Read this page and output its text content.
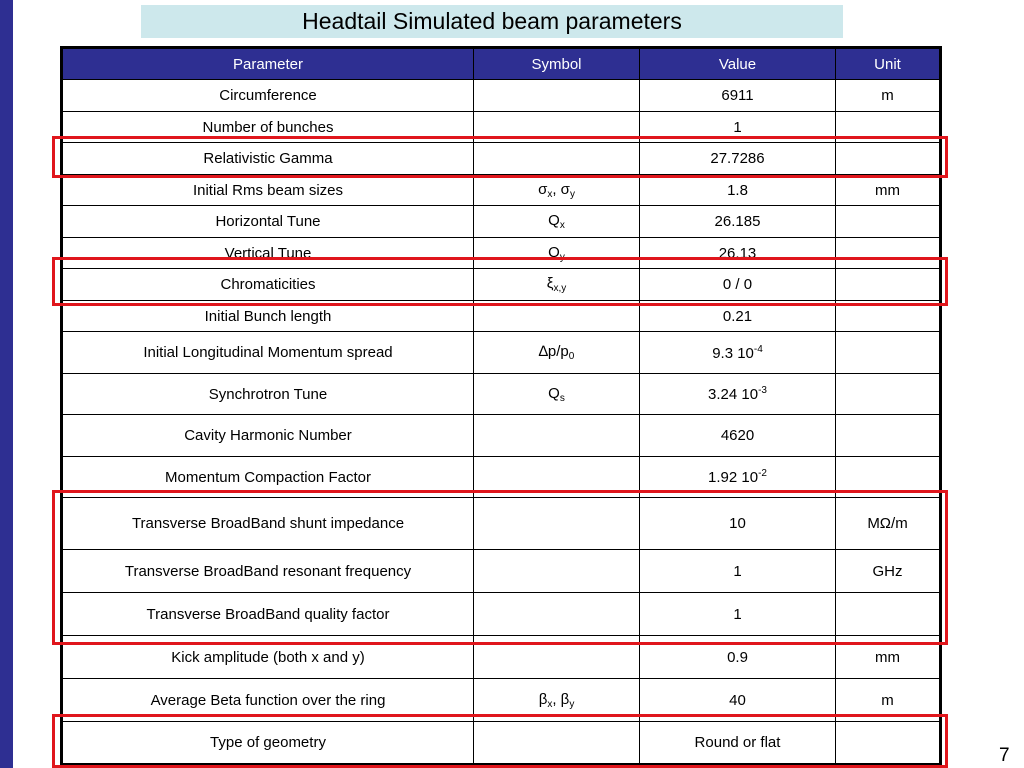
Headtail Simulated beam parameters
Parameter	Symbol	Value	Unit
Circumference		6911	m
Number of bunches		1	
Relativistic Gamma		27.7286	
Initial Rms beam sizes	$\sigma_x$, $\sigma_y$	1.8	mm
Horizontal Tune	$Q_x$	26.185	
Vertical Tune	$Q_y$	26.13	
Chromaticities	$\xi_{x,y}$	0 / 0	
Initial Bunch length		0.21	
Initial Longitudinal Momentum spread	$\Delta p/p_0$	9.3 $10^{-4}$	
Synchrotron Tune	$Q_s$	3.24 $10^{-3}$	
Cavity Harmonic Number		4620	
Momentum Compaction Factor		1.92 $10^{-2}$	
Transverse BroadBand shunt impedance		10	MΩ/m
Transverse BroadBand resonant frequency		1	GHz
Transverse BroadBand quality factor		1	
Kick amplitude (both x and y)		0.9	mm
Average Beta function over the ring	$\beta_x$, $\beta_y$	40	m
Type of geometry		Round or flat	
7
